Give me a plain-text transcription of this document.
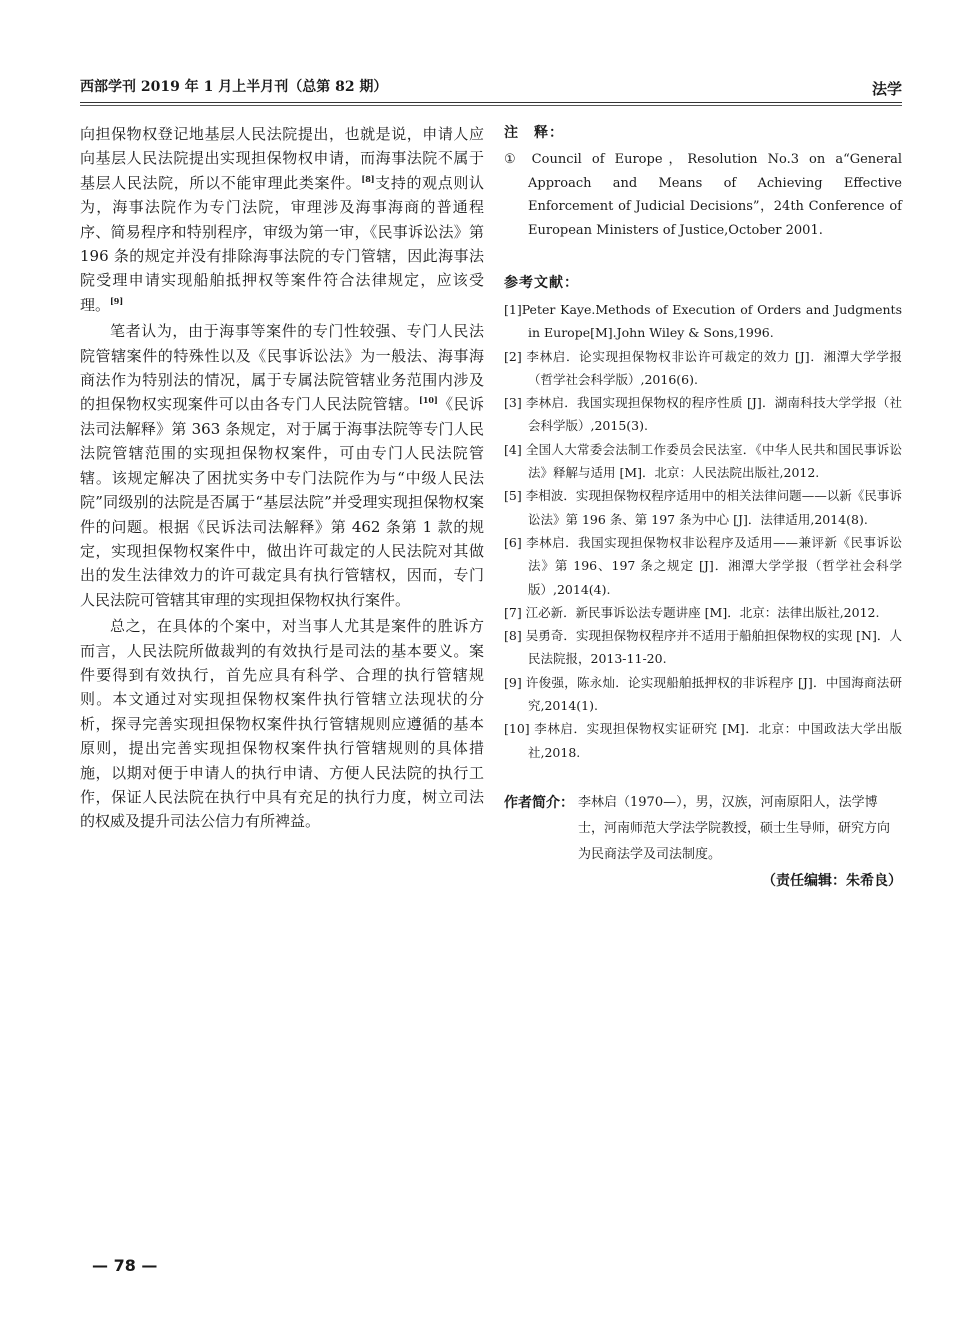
西部学刊 2019 年 1 月上半月刊（总第 82 期）	法学

向担保物权登记地基层人民法院提出，也就是说，申请人应向基层人民法院提出实现担保物权申请，而海事法院不属于基层人民法院，所以不能审理此类案件。[8]支持的观点则认为，海事法院作为专门法院，审理涉及海事海商的普通程序、简易程序和特别程序，审级为第一审，《民事诉讼法》第 196 条的规定并没有排除海事法院的专门管辖，因此海事法院受理申请实现船舶抵押权等案件符合法律规定，应该受理。[9]

笔者认为，由于海事等案件的专门性较强、专门人民法院管辖案件的特殊性以及《民事诉讼法》为一般法、海事海商法作为特别法的情况，属于专属法院管辖业务范围内涉及的担保物权实现案件可以由各专门人民法院管辖。[10]《民诉法司法解释》第 363 条规定，对于属于海事法院等专门人民法院管辖范围的实现担保物权案件，可由专门人民法院管辖。该规定解决了困扰实务中专门法院作为与“中级人民法院”同级别的法院是否属于“基层法院”并受理实现担保物权案件的问题。根据《民诉法司法解释》第 462 条第 1 款的规定，实现担保物权案件中，做出许可裁定的人民法院对其做出的发生法律效力的许可裁定具有执行管辖权，因而，专门人民法院可管辖其审理的实现担保物权执行案件。

总之，在具体的个案中，对当事人尤其是案件的胜诉方而言，人民法院所做裁判的有效执行是司法的基本要义。案件要得到有效执行，首先应具有科学、合理的执行管辖规则。本文通过对实现担保物权案件执行管辖立法现状的分析，探寻完善实现担保物权案件执行管辖规则应遵循的基本原则，提出完善实现担保物权案件执行管辖规则的具体措施，以期对便于申请人的执行申请、方便人民法院的执行工作，保证人民法院在执行中具有充足的执行力度，树立司法的权威及提升司法公信力有所裨益。

注　释：

① Council of Europe，Resolution No.3 on a“General Approach and Means of Achieving Effective Enforcement of Judicial Decisions”，24th Conference of European Ministers of Justice,October 2001.

参考文献：

[1]Peter Kaye.Methods of Execution of Orders and Judgments in Europe[M].John Wiley & Sons,1996.

[2] 李林启．论实现担保物权非讼许可裁定的效力 [J]．湘潭大学学报（哲学社会科学版）,2016(6).

[3] 李林启．我国实现担保物权的程序性质 [J]．湖南科技大学学报（社会科学版）,2015(3).

[4] 全国人大常委会法制工作委员会民法室．《中华人民共和国民事诉讼法》释解与适用 [M]．北京：人民法院出版社,2012.

[5] 李相波．实现担保物权程序适用中的相关法律问题——以新《民事诉讼法》第 196 条、第 197 条为中心 [J]．法律适用,2014(8).

[6] 李林启．我国实现担保物权非讼程序及适用——兼评新《民事诉讼法》第 196、197 条之规定 [J]．湘潭大学学报（哲学社会科学版）,2014(4).

[7] 江必新．新民事诉讼法专题讲座 [M]．北京：法律出版社,2012.

[8] 吴勇奇．实现担保物权程序并不适用于船舶担保物权的实现 [N]．人民法院报，2013-11-20.

[9] 许俊强，陈永灿．论实现船舶抵押权的非诉程序 [J]．中国海商法研究,2014(1).

[10] 李林启．实现担保物权实证研究 [M]．北京：中国政法大学出版社,2018.

作者简介： 李林启（1970—），男，汉族，河南原阳人，法学博士，河南师范大学法学院教授，硕士生导师，研究方向为民商法学及司法制度。
（责任编辑：朱希良）
— 78 —
